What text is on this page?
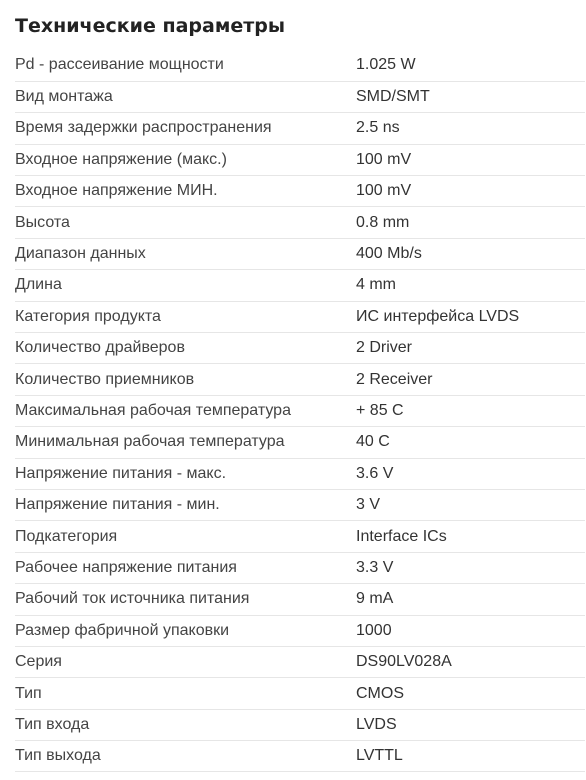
Технические параметры
Pd - рассеивание мощности	1.025 W
Вид монтажа	SMD/SMT
Время задержки распространения	2.5 ns
Входное напряжение (макс.)	100 mV
Входное напряжение МИН.	100 mV
Высота	0.8 mm
Диапазон данных	400 Mb/s
Длина	4 mm
Категория продукта	ИС интерфейса LVDS
Количество драйверов	2 Driver
Количество приемников	2 Receiver
Максимальная рабочая температура	+ 85 C
Минимальная рабочая температура	40 C
Напряжение питания - макс.	3.6 V
Напряжение питания - мин.	3 V
Подкатегория	Interface ICs
Рабочее напряжение питания	3.3 V
Рабочий ток источника питания	9 mA
Размер фабричной упаковки	1000
Серия	DS90LV028A
Тип	CMOS
Тип входа	LVDS
Тип выхода	LVTTL
